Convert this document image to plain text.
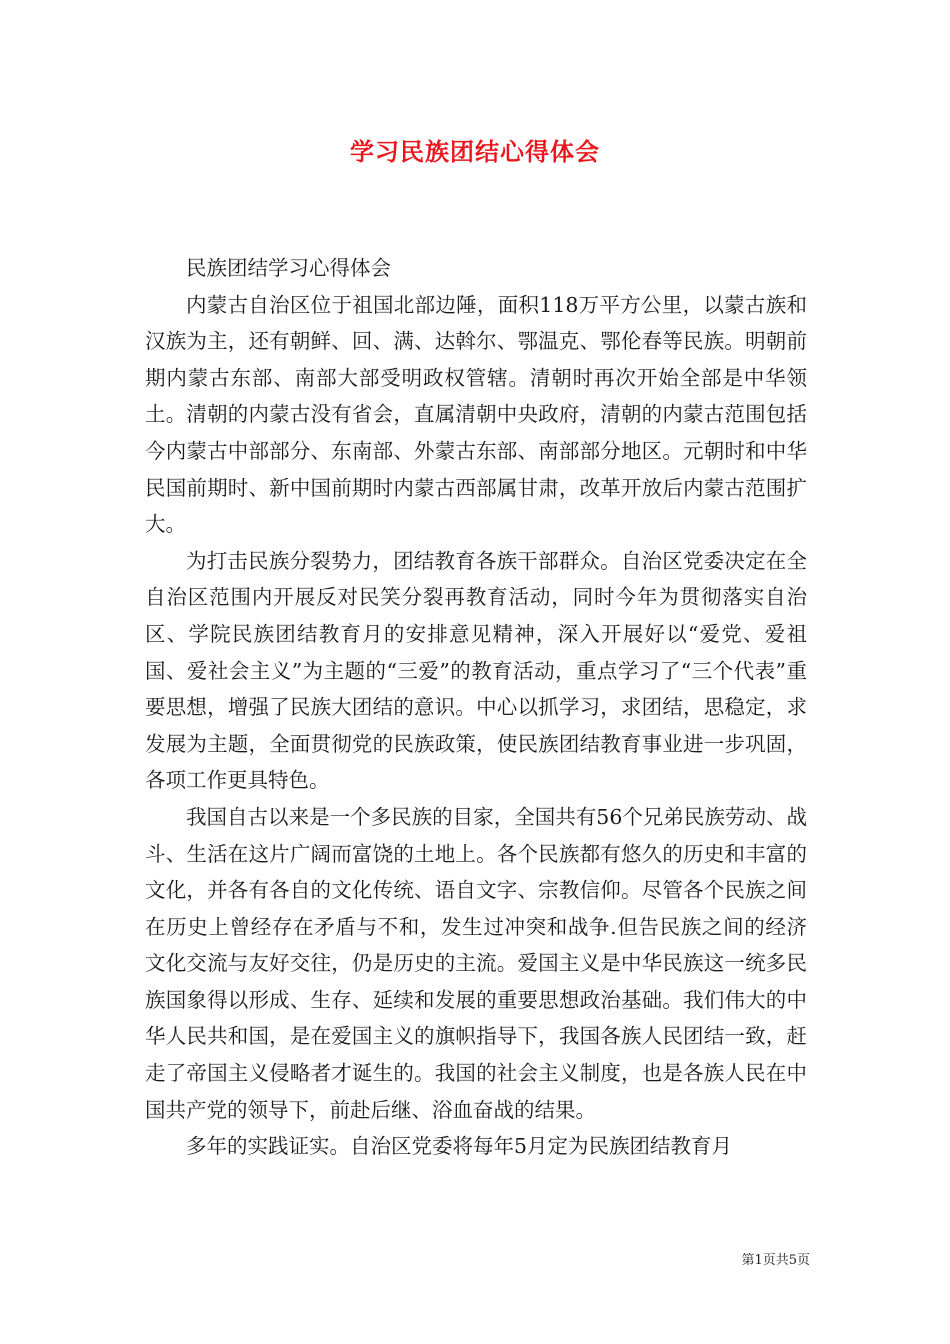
学习民族团结心得体会

民族团结学习心得体会

内蒙古自治区位于祖国北部边陲，面积118万平方公里，以蒙古族和汉族为主，还有朝鲜、回、满、达斡尔、鄂温克、鄂伦春等民族。明朝前期内蒙古东部、南部大部受明政权管辖。清朝时再次开始全部是中华领土。清朝的内蒙古没有省会，直属清朝中央政府，清朝的内蒙古范围包括今内蒙古中部部分、东南部、外蒙古东部、南部部分地区。元朝时和中华民国前期时、新中国前期时内蒙古西部属甘肃，改革开放后内蒙古范围扩大。

为打击民族分裂势力，团结教育各族干部群众。自治区党委决定在全自治区范围内开展反对民笑分裂再教育活动，同时今年为贯彻落实自治区、学院民族团结教育月的安排意见精神，深入开展好以“爱党、爱祖国、爱社会主义”为主题的“三爱”的教育活动，重点学习了“三个代表”重要思想，增强了民族大团结的意识。中心以抓学习，求团结，思稳定，求发展为主题，全面贯彻党的民族政策，使民族团结教育事业进一步巩固，各项工作更具特色。

我国自古以来是一个多民族的目家，全国共有56个兄弟民族劳动、战斗、生活在这片广阔而富饶的土地上。各个民族都有悠久的历史和丰富的文化，并各有各自的文化传统、语自文字、宗教信仰。尽管各个民族之间在历史上曾经存在矛盾与不和，发生过冲突和战争.但告民族之间的经济文化交流与友好交往，仍是历史的主流。爱国主义是中华民族这一统多民族国象得以形成、生存、延续和发展的重要思想政治基础。我们伟大的中华人民共和国，是在爱国主义的旗帜指导下，我国各族人民团结一致，赶走了帝国主义侵略者才诞生的。我国的社会主义制度，也是各族人民在中国共产党的领导下，前赴后继、浴血奋战的结果。

多年的实践证实。自治区党委将每年5月定为民族团结教育月

第1页共5页
